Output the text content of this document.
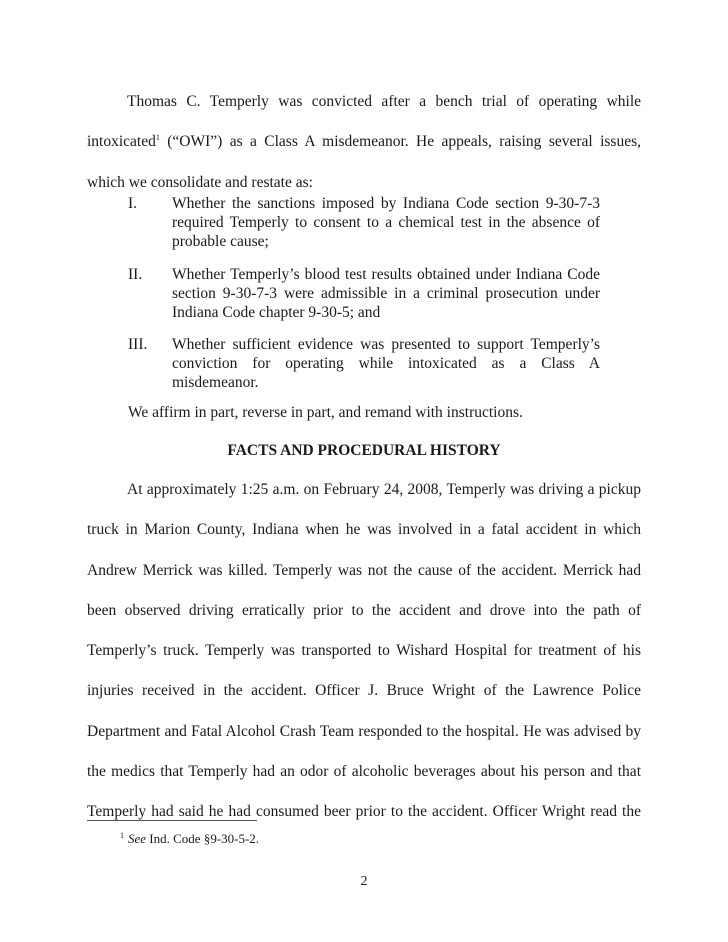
Thomas C. Temperly was convicted after a bench trial of operating while intoxicated$^1$ (“OWI”) as a Class A misdemeanor. He appeals, raising several issues, which we consolidate and restate as:

I. Whether the sanctions imposed by Indiana Code section 9-30-7-3 required Temperly to consent to a chemical test in the absence of probable cause;

II. Whether Temperly’s blood test results obtained under Indiana Code section 9-30-7-3 were admissible in a criminal prosecution under Indiana Code chapter 9-30-5; and

III. Whether sufficient evidence was presented to support Temperly’s conviction for operating while intoxicated as a Class A misdemeanor.

We affirm in part, reverse in part, and remand with instructions.

FACTS AND PROCEDURAL HISTORY

At approximately 1:25 a.m. on February 24, 2008, Temperly was driving a pickup truck in Marion County, Indiana when he was involved in a fatal accident in which Andrew Merrick was killed. Temperly was not the cause of the accident. Merrick had been observed driving erratically prior to the accident and drove into the path of Temperly’s truck. Temperly was transported to Wishard Hospital for treatment of his injuries received in the accident. Officer J. Bruce Wright of the Lawrence Police Department and Fatal Alcohol Crash Team responded to the hospital. He was advised by the medics that Temperly had an odor of alcoholic beverages about his person and that Temperly had said he had consumed beer prior to the accident. Officer Wright read the

$^1$ See Ind. Code §9-30-5-2.

2
